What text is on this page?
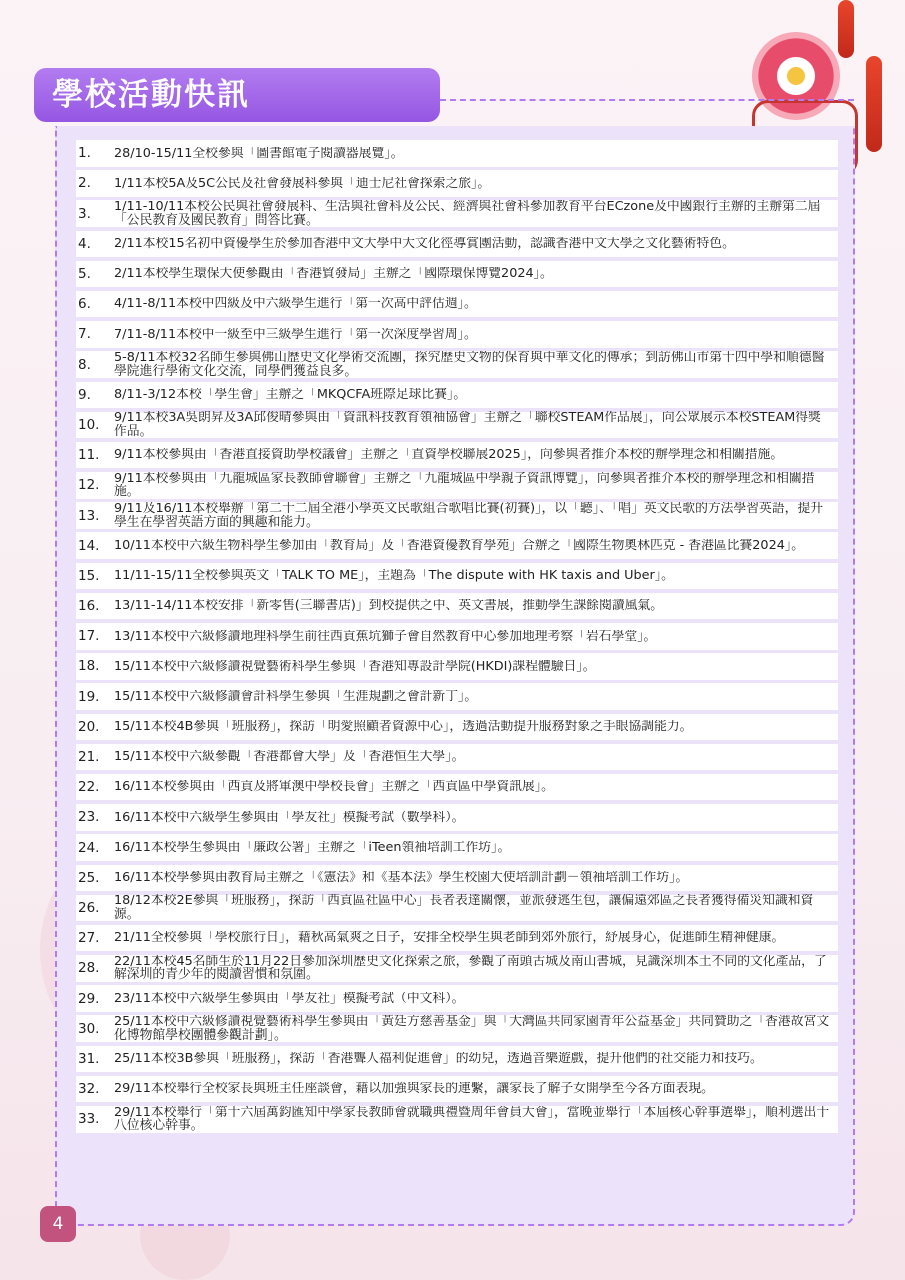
學校活動快訊
1.	28/10-15/11全校參與「圖書館電子閱讀器展覽」。
2.	1/11本校5A及5C公民及社會發展科參與「迪士尼社會探索之旅」。
3.	1/11-10/11本校公民與社會發展科、生活與社會科及公民、經濟與社會科參加教育平台ECzone及中國銀行主辦的主辦第二屆「公民教育及國民教育」問答比賽。
4.	2/11本校15名初中資優學生於參加香港中文大學中大文化徑導賞團活動，認識香港中文大學之文化藝術特色。
5.	2/11本校學生環保大使參觀由「香港貿發局」主辦之「國際環保博覽2024」。
6.	4/11-8/11本校中四級及中六級學生進行「第一次高中評估週」。
7.	7/11-8/11本校中一級至中三級學生進行「第一次深度學習周」。
8.	5-8/11本校32名師生參與佛山歷史文化學術交流團，探究歷史文物的保育與中華文化的傳承；到訪佛山市第十四中學和順德醫學院進行學術文化交流，同學們獲益良多。
9.	8/11-3/12本校「學生會」主辦之「MKQCFA班際足球比賽」。
10.	9/11本校3A吳朗昇及3A邱俊晴參與由「資訊科技教育領袖協會」主辦之「聯校STEAM作品展」，向公眾展示本校STEAM得獎作品。
11.	9/11本校參與由「香港直接資助學校議會」主辦之「直資學校聯展2025」，向參與者推介本校的辦學理念和相關措施。
12.	9/11本校參與由「九龍城區家長教師會聯會」主辦之「九龍城區中學親子資訊博覽」，向參與者推介本校的辦學理念和相關措施。
13.	9/11及16/11本校舉辦「第二十二屆全港小學英文民歌組合歌唱比賽(初賽)」，以「聽」、「唱」英文民歌的方法學習英語，提升學生在學習英語方面的興趣和能力。
14.	10/11本校中六級生物科學生參加由「教育局」及「香港資優教育學苑」合辦之「國際生物奧林匹克 - 香港區比賽2024」。
15.	11/11-15/11全校參與英文「TALK TO ME」，主題為「The dispute with HK taxis and Uber」。
16.	13/11-14/11本校安排「新零售(三聯書店)」到校提供之中、英文書展，推動學生課餘閱讀風氣。
17.	13/11本校中六級修讀地理科學生前往西貢蕉坑獅子會自然教育中心參加地理考察「岩石學堂」。
18.	15/11本校中六級修讀視覺藝術科學生參與「香港知專設計學院(HKDI)課程體驗日」。
19.	15/11本校中六級修讀會計科學生參與「生涯規劃之會計新丁」。
20.	15/11本校4B參與「班服務」，探訪「明愛照顧者資源中心」，透過活動提升服務對象之手眼協調能力。
21.	15/11本校中六級參觀「香港都會大學」及「香港恒生大學」。
22.	16/11本校參與由「西貢及將軍澳中學校長會」主辦之「西貢區中學資訊展」。
23.	16/11本校中六級學生參與由「學友社」模擬考試（數學科）。
24.	16/11本校學生參與由「廉政公署」主辦之「iTeen領袖培訓工作坊」。
25.	16/11本校學參與由教育局主辦之「《憲法》和《基本法》學生校園大使培訓計劃－領袖培訓工作坊」。
26.	18/12本校2E參與「班服務」，探訪「西貢區社區中心」長者表達關懷，並派發逃生包，讓偏遠郊區之長者獲得備災知識和資源。
27.	21/11全校參與「學校旅行日」，藉秋高氣爽之日子，安排全校學生與老師到郊外旅行，紓展身心，促進師生精神健康。
28.	22/11本校45名師生於11月22日參加深圳歷史文化探索之旅，參觀了南頭古城及南山書城，見識深圳本土不同的文化產品，了解深圳的青少年的閱讀習慣和氛圍。
29.	23/11本校中六級學生參與由「學友社」模擬考試（中文科）。
30.	25/11本校中六級修讀視覺藝術科學生參與由「黃廷方慈善基金」與「大灣區共同家園青年公益基金」共同贊助之「香港故宮文化博物館學校團體參觀計劃」。
31.	25/11本校3B參與「班服務」，探訪「香港聾人福利促進會」的幼兒，透過音樂遊戲，提升他們的社交能力和技巧。
32.	29/11本校舉行全校家長與班主任座談會，藉以加強與家長的連繫，讓家長了解子女開學至今各方面表現。
33.	29/11本校舉行「第十六屆萬鈞匯知中學家長教師會就職典禮暨周年會員大會」，當晚並舉行「本屆核心幹事選舉」，順利選出十八位核心幹事。
4
